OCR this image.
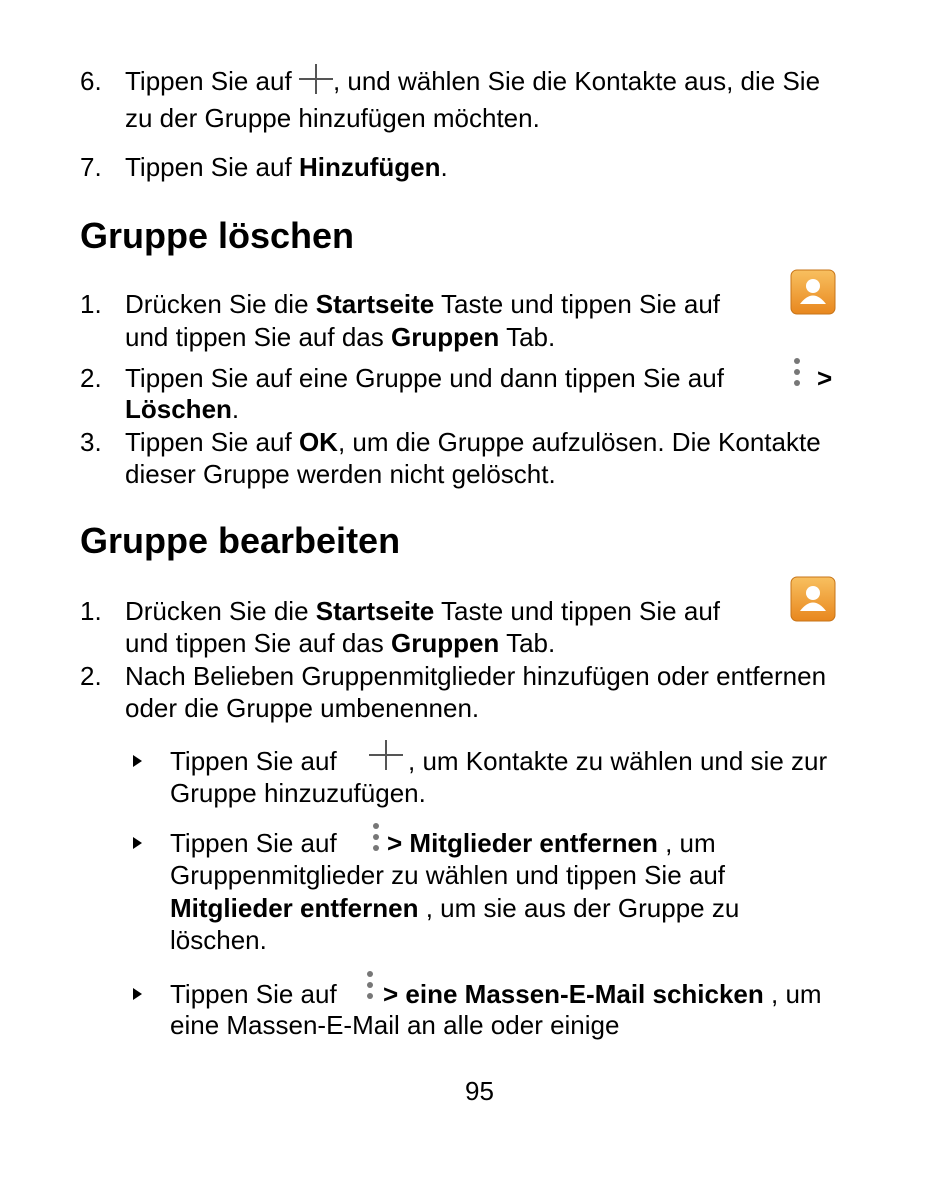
6. Tippen Sie auf , und wählen Sie die Kontakte aus, die Sie
zu der Gruppe hinzufügen möchten.
7. Tippen Sie auf Hinzufügen.
Gruppe löschen
1. Drücken Sie die Startseite Taste und tippen Sie auf
und tippen Sie auf das Gruppen Tab.
2. Tippen Sie auf eine Gruppe und dann tippen Sie auf	>
Löschen.
3. Tippen Sie auf OK, um die Gruppe aufzulösen. Die Kontakte
dieser Gruppe werden nicht gelöscht.
Gruppe bearbeiten
1. Drücken Sie die Startseite Taste und tippen Sie auf
und tippen Sie auf das Gruppen Tab.
2. Nach Belieben Gruppenmitglieder hinzufügen oder entfernen
oder die Gruppe umbenennen.
Tippen Sie auf	, um Kontakte zu wählen und sie zur
Gruppe hinzuzufügen.
Tippen Sie auf > Mitglieder entfernen , um
Gruppenmitglieder zu wählen und tippen Sie auf
Mitglieder entfernen , um sie aus der Gruppe zu
löschen.
Tippen Sie auf > eine Massen-E-Mail schicken , um
eine Massen-E-Mail an alle oder einige
95
